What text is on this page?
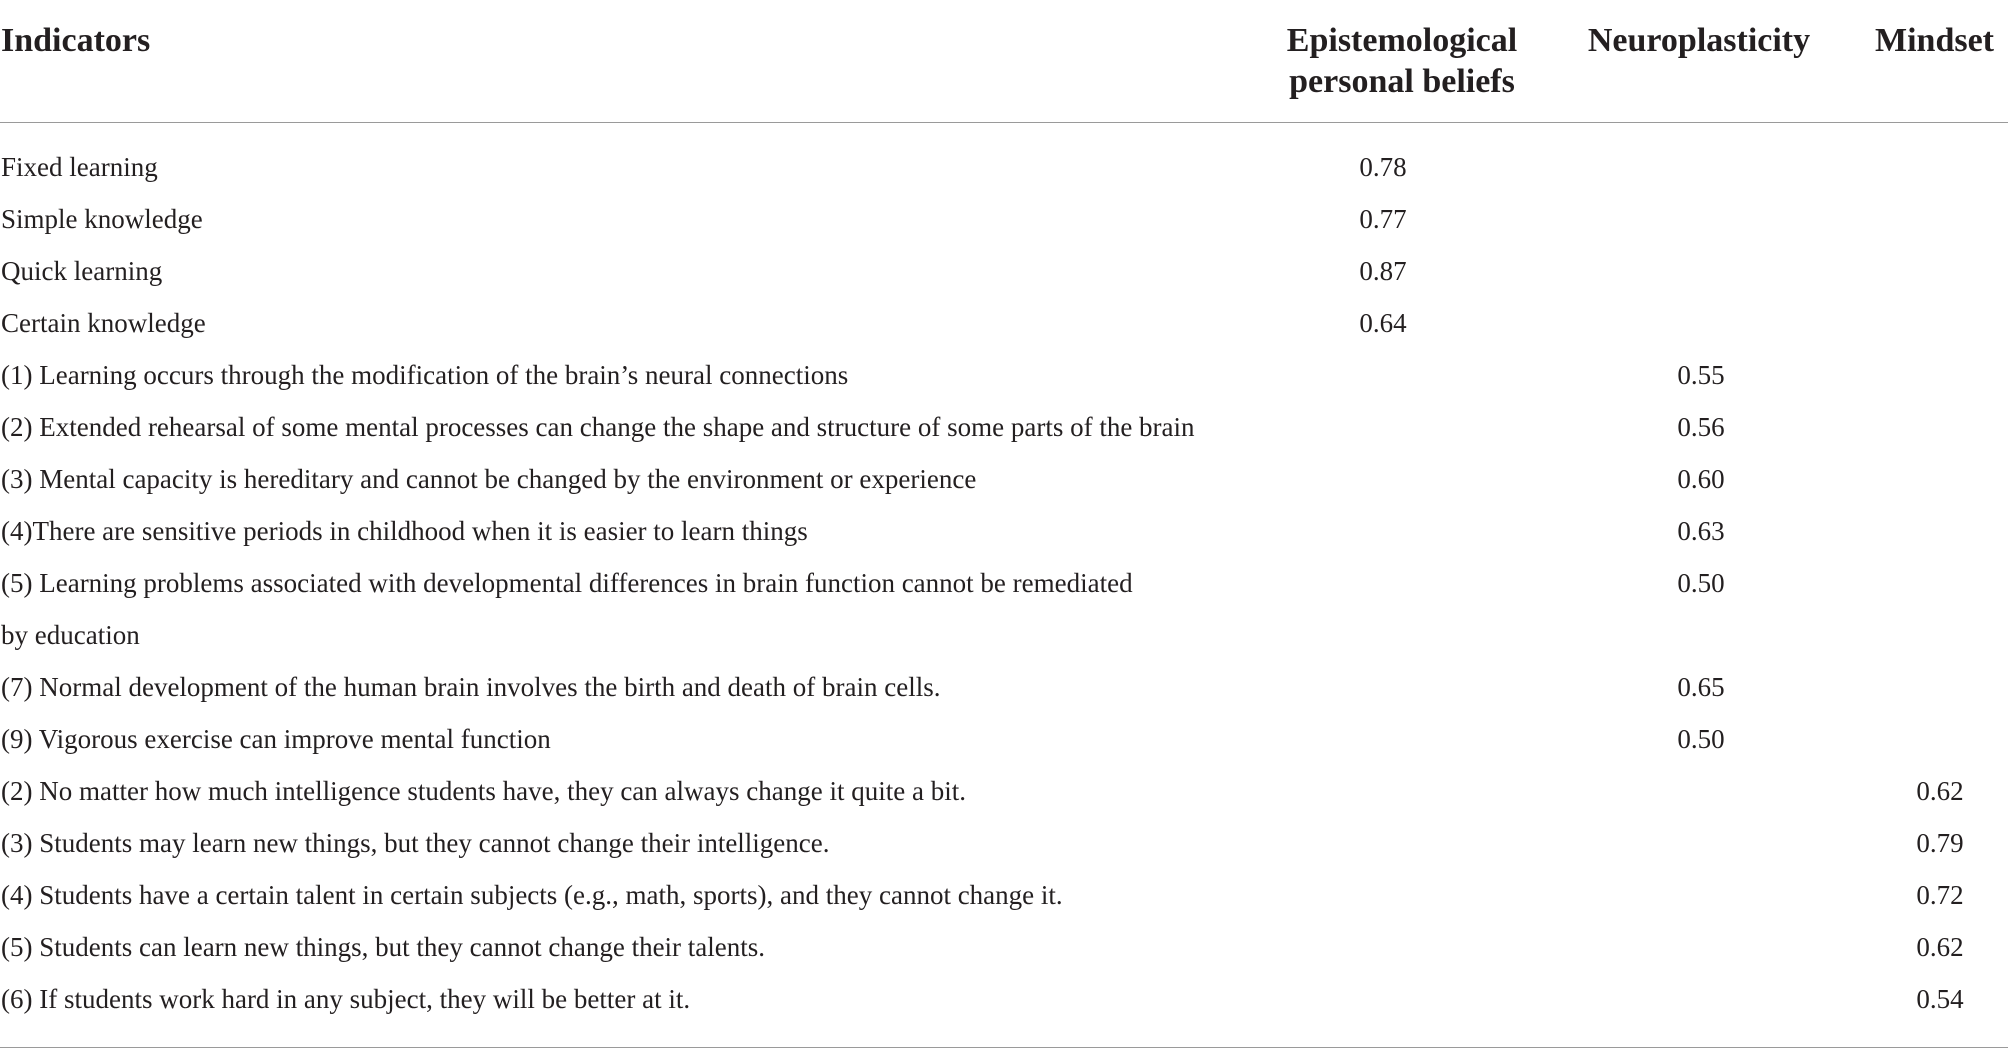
Indicators	Epistemological personal beliefs	Neuroplasticity	Mindset
Fixed learning	0.78		
Simple knowledge	0.77		
Quick learning	0.87		
Certain knowledge	0.64		
(1) Learning occurs through the modification of the brain’s neural connections		0.55	
(2) Extended rehearsal of some mental processes can change the shape and structure of some parts of the brain		0.56	
(3) Mental capacity is hereditary and cannot be changed by the environment or experience		0.60	
(4)There are sensitive periods in childhood when it is easier to learn things		0.63	
(5) Learning problems associated with developmental differences in brain function cannot be remediated		0.50	
by education			
(7) Normal development of the human brain involves the birth and death of brain cells.		0.65	
(9) Vigorous exercise can improve mental function		0.50	
(2) No matter how much intelligence students have, they can always change it quite a bit.			0.62
(3) Students may learn new things, but they cannot change their intelligence.			0.79
(4) Students have a certain talent in certain subjects (e.g., math, sports), and they cannot change it.			0.72
(5) Students can learn new things, but they cannot change their talents.			0.62
(6) If students work hard in any subject, they will be better at it.			0.54
